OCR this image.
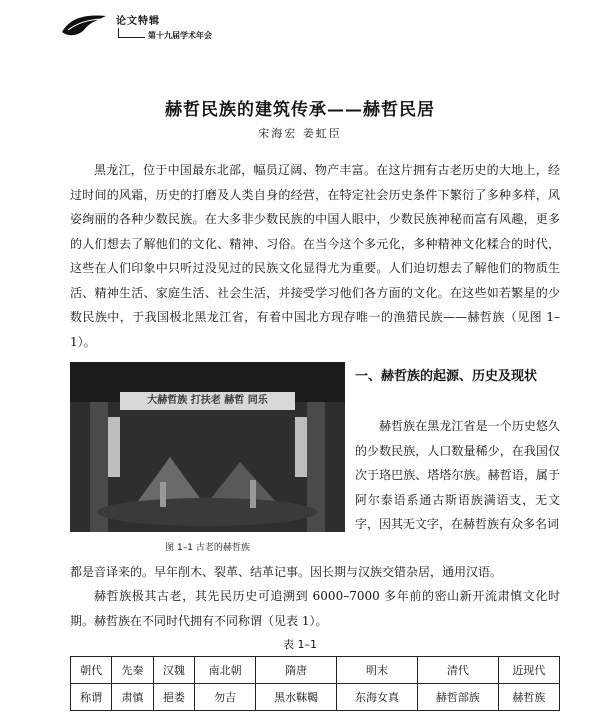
论文特辑
第十九届学术年会
赫哲民族的建筑传承——赫哲民居
宋海宏 姜虹臣

黑龙江，位于中国最东北部，幅员辽阔、物产丰富。在这片拥有古老历史的大地上，经过时间的风霜，历史的打磨及人类自身的经营，在特定社会历史条件下繁衍了多种多样，风姿绚丽的各种少数民族。在大多非少数民族的中国人眼中，少数民族神秘而富有风趣，更多的人们想去了解他们的文化、精神、习俗。在当今这个多元化，多种精神文化糅合的时代，这些在人们印象中只听过没见过的民族文化显得尤为重要。人们迫切想去了解他们的物质生活、精神生活、家庭生活、社会生活，并接受学习他们各方面的文化。在这些如若繁星的少数民族中，于我国极北黑龙江省，有着中国北方现存唯一的渔猎民族——赫哲族（见图 1–1）。

大赫哲族 打扶老 赫哲 同乐
图 1–1 古老的赫哲族
一、赫哲族的起源、历史及现状

赫哲族在黑龙江省是一个历史悠久的少数民族，人口数量稀少，在我国仅次于珞巴族、塔塔尔族。赫哲语，属于阿尔泰语系通古斯语族满语支，无文字，因其无文字，在赫哲族有众多名词

都是音译来的。早年削木、裂革、结革记事。因长期与汉族交错杂居，通用汉语。

赫哲族极其古老，其先民历史可追溯到 6000–7000 多年前的密山新开流肃慎文化时期。赫哲族在不同时代拥有不同称谓（见表 1）。

表 1–1
朝代	先秦	汉魏	南北朝	隋唐	明末	清代	近现代
称谓	肃慎	挹娄	勿吉	黑水靺鞨	东海女真	赫哲部族	赫哲族
